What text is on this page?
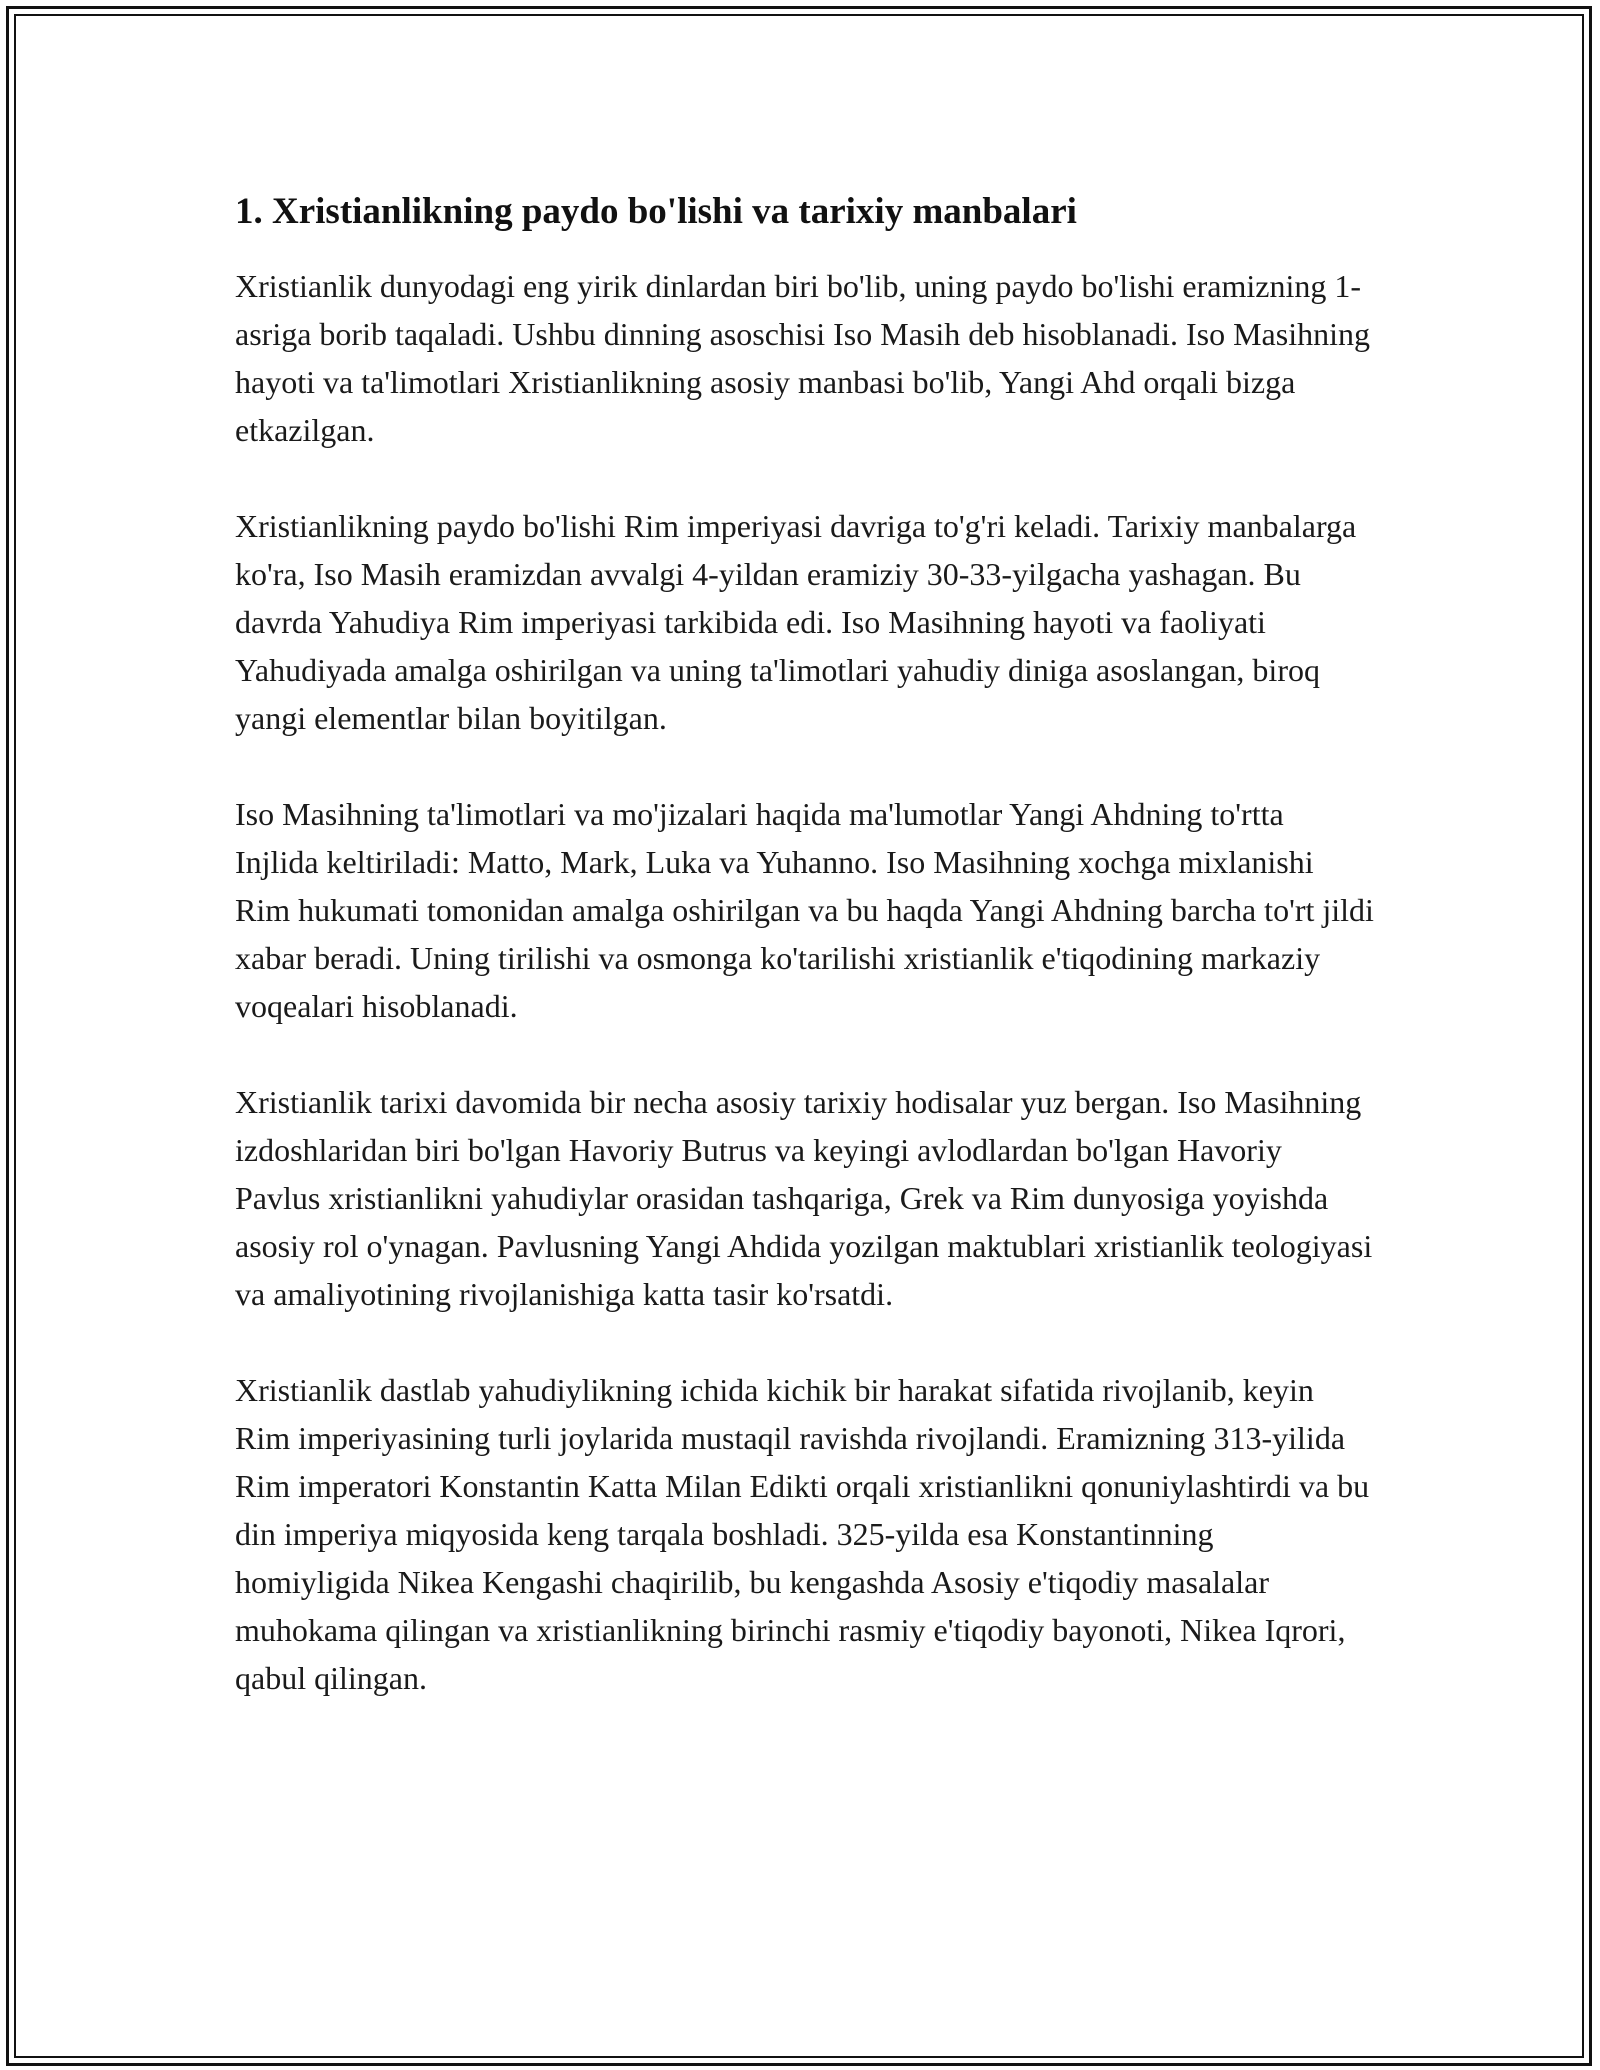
1. Xristianlikning paydo bo'lishi va tarixiy manbalari

Xristianlik dunyodagi eng yirik dinlardan biri bo'lib, uning paydo bo'lishi eramizning 1-asriga borib taqaladi. Ushbu dinning asoschisi Iso Masih deb hisoblanadi. Iso Masihning hayoti va ta'limotlari Xristianlikning asosiy manbasi bo'lib, Yangi Ahd orqali bizga etkazilgan.

Xristianlikning paydo bo'lishi Rim imperiyasi davriga to'g'ri keladi. Tarixiy manbalarga ko'ra, Iso Masih eramizdan avvalgi 4-yildan eramiziy 30-33-yilgacha yashagan. Bu davrda Yahudiya Rim imperiyasi tarkibida edi. Iso Masihning hayoti va faoliyati Yahudiyada amalga oshirilgan va uning ta'limotlari yahudiy diniga asoslangan, biroq yangi elementlar bilan boyitilgan.

Iso Masihning ta'limotlari va mo'jizalari haqida ma'lumotlar Yangi Ahdning to'rtta Injlida keltiriladi: Matto, Mark, Luka va Yuhanno. Iso Masihning xochga mixlanishi Rim hukumati tomonidan amalga oshirilgan va bu haqda Yangi Ahdning barcha to'rt jildi xabar beradi. Uning tirilishi va osmonga ko'tarilishi xristianlik e'tiqodining markaziy voqealari hisoblanadi.

Xristianlik tarixi davomida bir necha asosiy tarixiy hodisalar yuz bergan. Iso Masihning izdoshlaridan biri bo'lgan Havoriy Butrus va keyingi avlodlardan bo'lgan Havoriy Pavlus xristianlikni yahudiylar orasidan tashqariga, Grek va Rim dunyosiga yoyishda asosiy rol o'ynagan. Pavlusning Yangi Ahdida yozilgan maktublari xristianlik teologiyasi va amaliyotining rivojlanishiga katta tasir ko'rsatdi.

Xristianlik dastlab yahudiylikning ichida kichik bir harakat sifatida rivojlanib, keyin Rim imperiyasining turli joylarida mustaqil ravishda rivojlandi. Eramizning 313-yilida Rim imperatori Konstantin Katta Milan Edikti orqali xristianlikni qonuniylashtirdi va bu din imperiya miqyosida keng tarqala boshladi. 325-yilda esa Konstantinning homiyligida Nikea Kengashi chaqirilib, bu kengashda Asosiy e'tiqodiy masalalar muhokama qilingan va xristianlikning birinchi rasmiy e'tiqodiy bayonoti, Nikea Iqrori, qabul qilingan.
